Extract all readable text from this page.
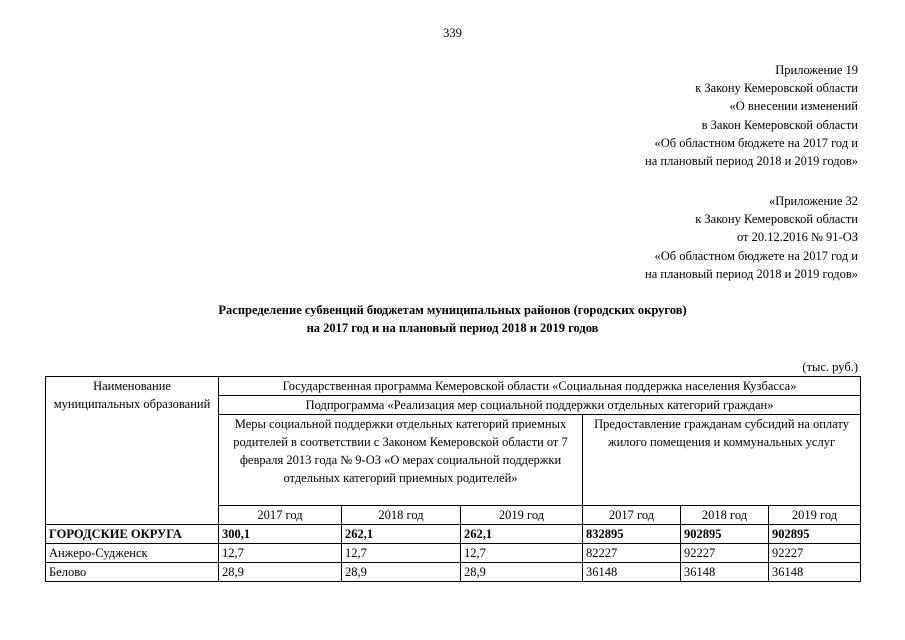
339
Приложение 19
к Закону Кемеровской области
«О внесении изменений
в Закон Кемеровской области
«Об областном бюджете на 2017 год и
на плановый период 2018 и 2019 годов»
«Приложение 32
к Закону Кемеровской области
от 20.12.2016 № 91-ОЗ
«Об областном бюджете на 2017 год и
на плановый период 2018 и 2019 годов»
Распределение субвенций бюджетам муниципальных районов (городских округов)
на 2017 год и на плановый период 2018 и 2019 годов
(тыс. руб.)
Наименование муниципальных образований	Государственная программа Кемеровской области «Социальная поддержка населения Кузбасса»					
	Подпрограмма «Реализация мер социальной поддержки отдельных категорий граждан»					
	Меры социальной поддержки отдельных категорий приемных родителей в соответствии с Законом Кемеровской области от 7 февраля 2013 года № 9-ОЗ «О мерах социальной поддержки отдельных категорий приемных родителей»			Предоставление гражданам субсидий на оплату жилого помещения и коммунальных услуг		
	2017 год	2018 год	2019 год	2017 год	2018 год	2019 год
ГОРОДСКИЕ ОКРУГА	300,1	262,1	262,1	832895	902895	902895
Анжеро-Судженск	12,7	12,7	12,7	82227	92227	92227
Белово	28,9	28,9	28,9	36148	36148	36148
